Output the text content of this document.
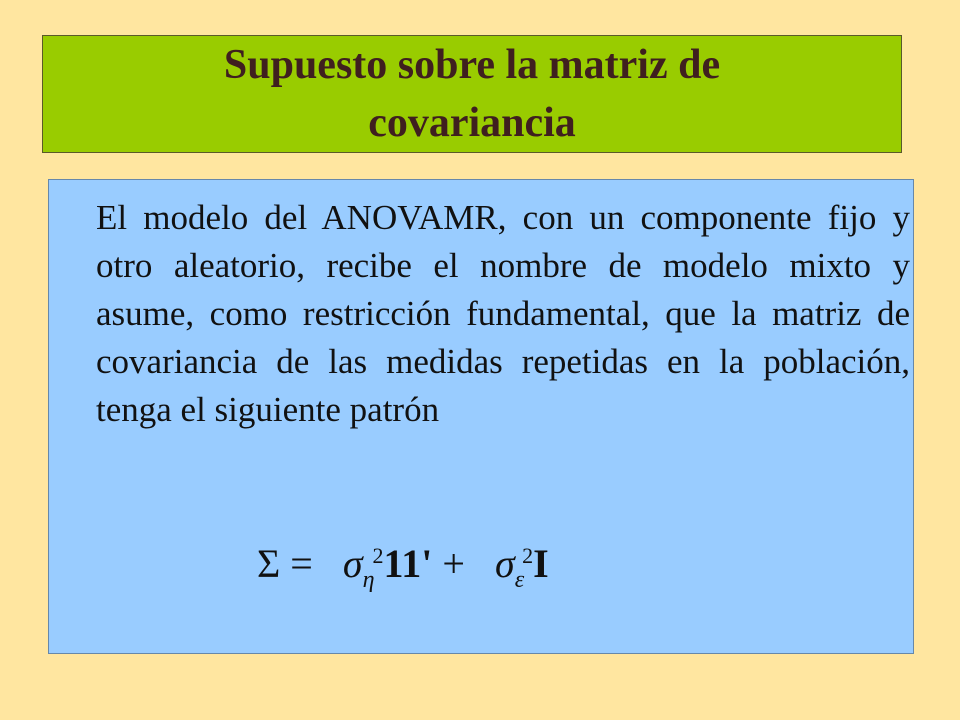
Supuesto sobre la matriz de covariancia

El modelo del ANOVAMR, con un componente fijo y otro aleatorio, recibe el nombre de modelo mixto y asume, como restricción fundamental, que la matriz de covariancia de las medidas repetidas en la población, tenga el siguiente patrón

$\Sigma = \sigma_\eta^211' + \sigma_\varepsilon^2I$
